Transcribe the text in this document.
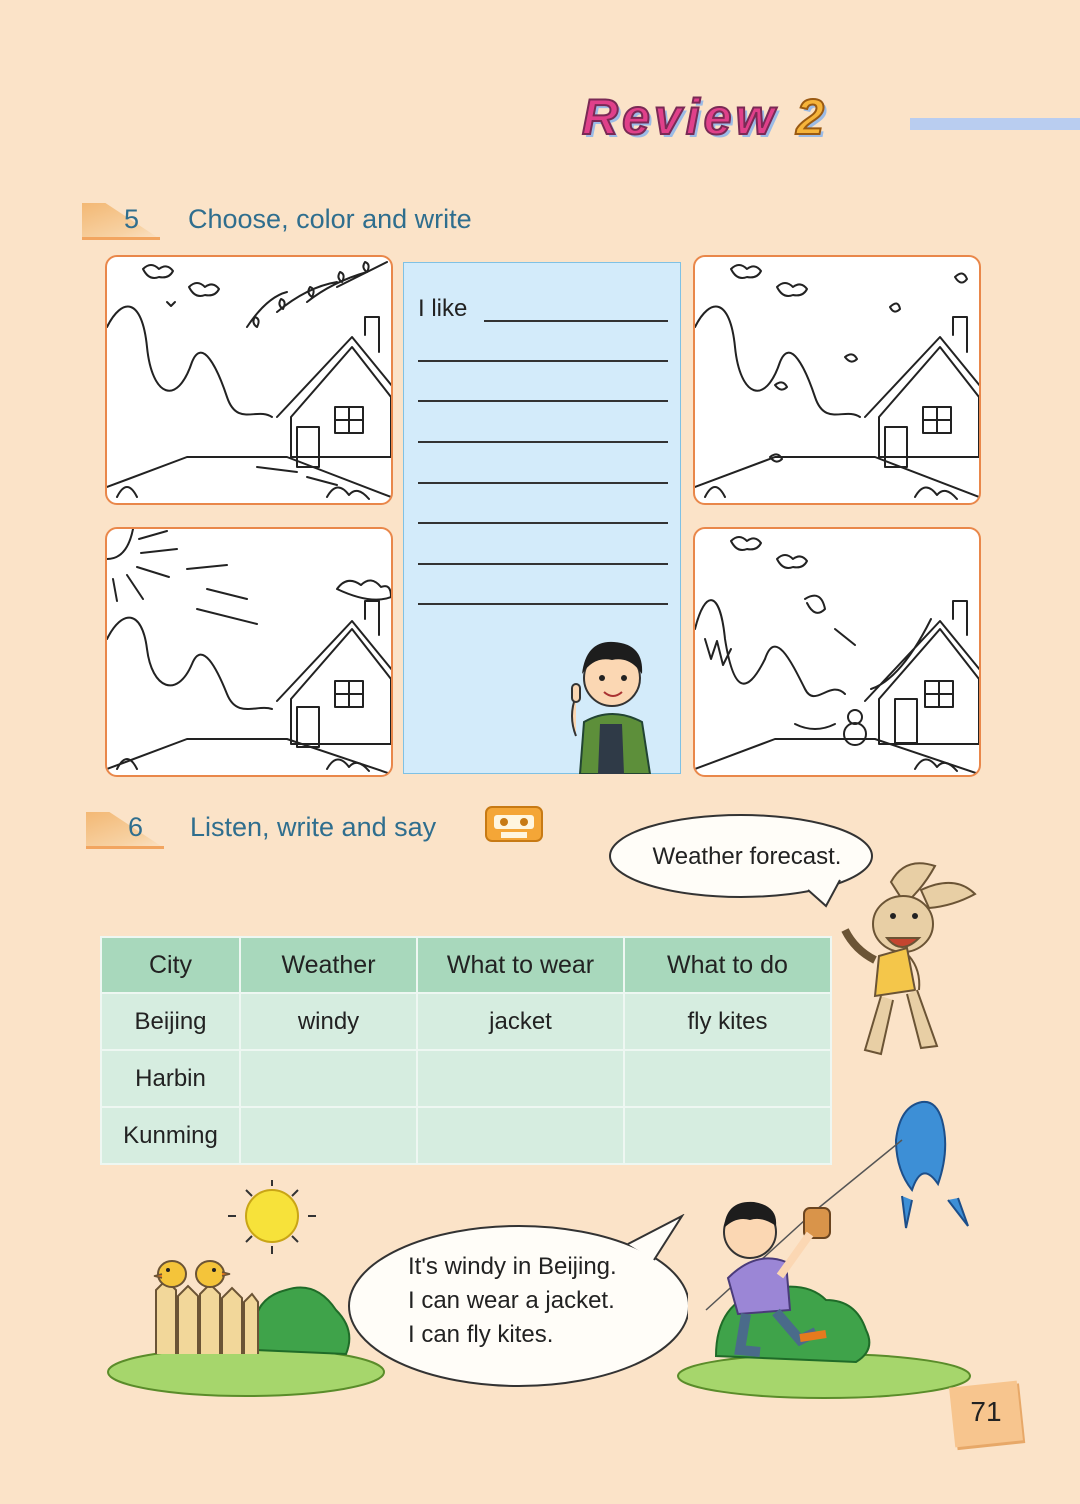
Review 2
5 Choose, color and write
I like
6 Listen, write and say
Weather forecast.
City	Weather	What to wear	What to do
Beijing	windy	jacket	fly kites
Harbin			
Kunming			
It's windy in Beijing.
I can wear a jacket.
I can fly kites.
71
